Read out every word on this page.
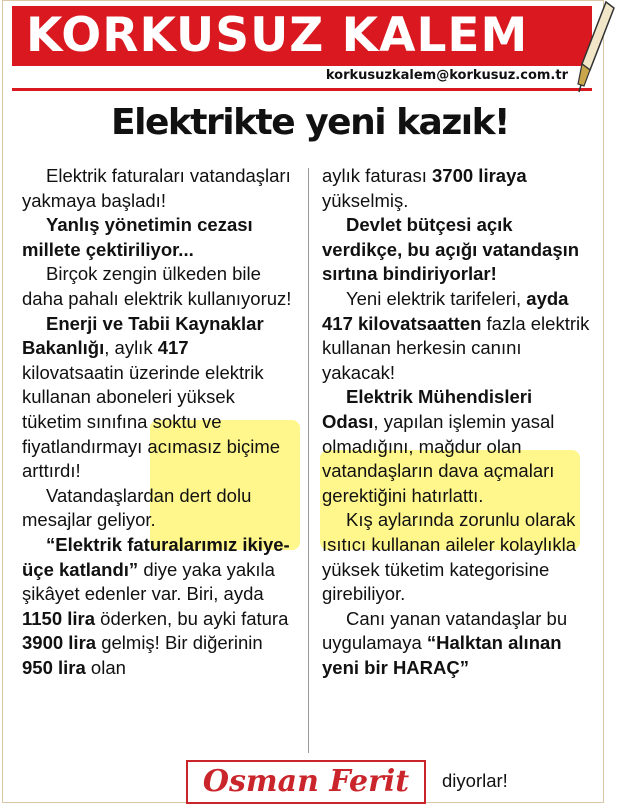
KORKUSUZ KALEM
korkusuzkalem@korkusuz.com.tr
Elektrikte yeni kazık!

Elektrik faturaları vatandaşları yakmaya başladı!

Yanlış yönetimin cezası millete çektiriliyor...

Birçok zengin ülkeden bile daha pahalı elektrik kullanıyoruz!

Enerji ve Tabii Kaynaklar Bakanlığı, aylık 417 kilovatsaatin üzerinde elektrik kullanan aboneleri yüksek tüketim sınıfına soktu ve fiyatlandırmayı acımasız biçime arttırdı!

Vatandaşlardan dert dolu mesajlar geliyor.

“Elektrik faturalarımız ikiye-üçe katlandı” diye yaka yakıla şikâyet edenler var. Biri, ayda 1150 lira öderken, bu ayki fatura 3900 lira gelmiş! Bir diğerinin 950 lira olan

aylık faturası 3700 liraya yükselmiş.

Devlet bütçesi açık verdikçe, bu açığı vatandaşın sırtına bindiriyorlar!

Yeni elektrik tarifeleri, ayda 417 kilovatsaatten fazla elektrik kullanan herkesin canını yakacak!

Elektrik Mühendisleri Odası, yapılan işlemin yasal olmadığını, mağdur olan vatandaşların dava açmaları gerektiğini hatırlattı.

Kış aylarında zorunlu olarak ısıtıcı kullanan aileler kolaylıkla yüksek tüketim kategorisine girebiliyor.

Canı yanan vatandaşlar bu uygulamaya “Halktan alınan yeni bir HARAÇ”

Osman Ferit	diyorlar!
